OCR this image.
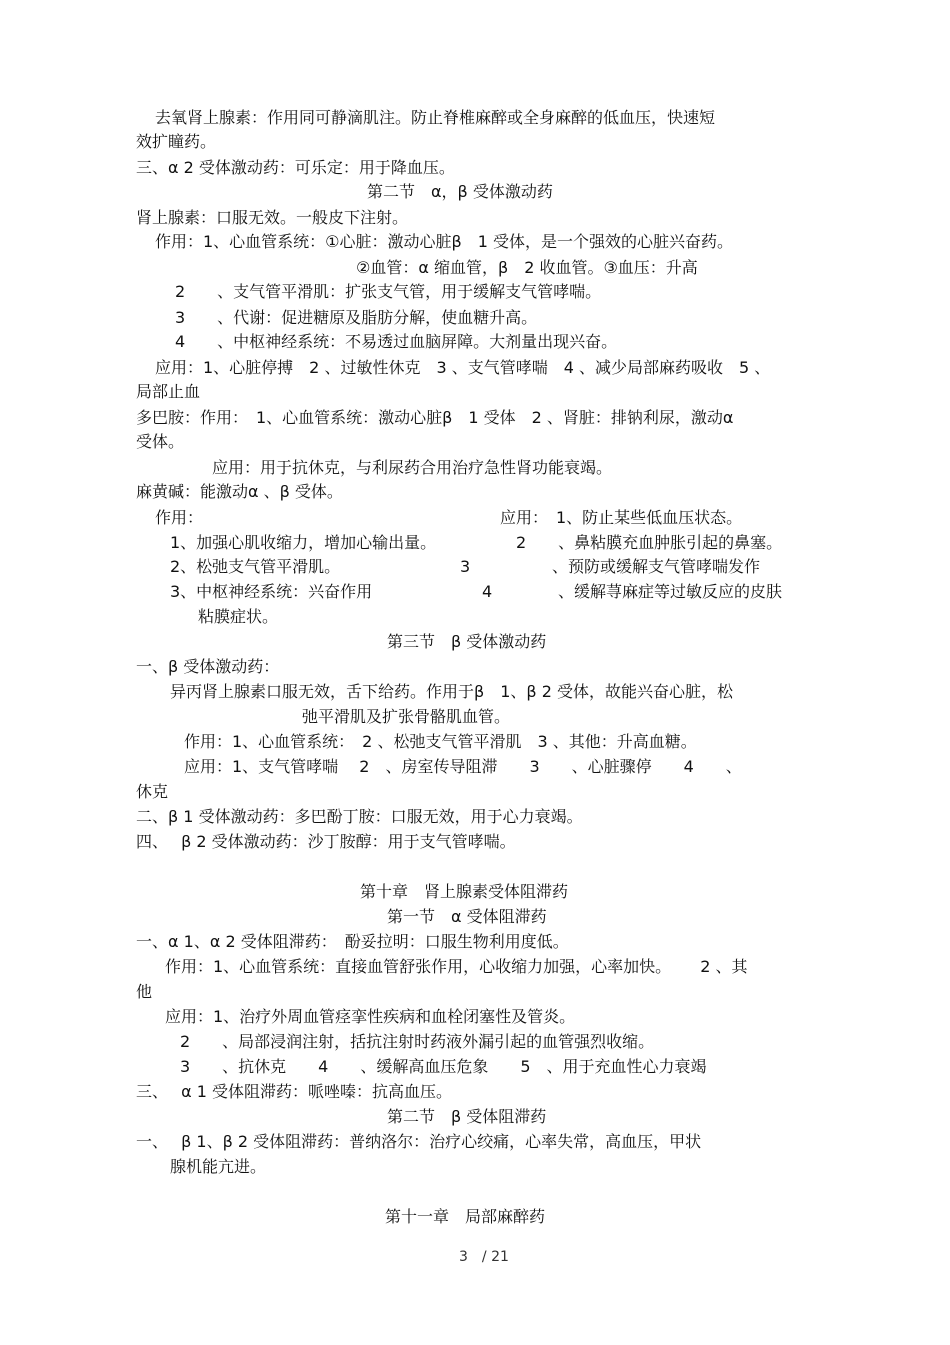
去氧肾上腺素：作用同可静滴肌注。防止脊椎麻醉或全身麻醉的低血压，快速短
效扩瞳药。
三、α 2 受体激动药：可乐定：用于降血压。
第二节　α，β 受体激动药
肾上腺素：口服无效。一般皮下注射。
作用：1、心血管系统：①心脏：激动心脏β　1 受体，是一个强效的心脏兴奋药。
②血管：α 缩血管，β　2 收血管。③血压：升高
2　　、支气管平滑肌：扩张支气管，用于缓解支气管哮喘。
3　　、代谢：促进糖原及脂肪分解，使血糖升高。
4　　、中枢神经系统：不易透过血脑屏障。大剂量出现兴奋。
应用：1、心脏停搏　2 、过敏性休克　3 、支气管哮喘　4 、减少局部麻药吸收　5 、
局部止血
多巴胺：作用：　1、心血管系统：激动心脏β　1 受体　2 、肾脏：排钠利尿，激动α
受体。
应用：用于抗休克，与利尿药合用治疗急性肾功能衰竭。
麻黄碱：能激动α 、β 受体。
作用：	应用：　1、防止某些低血压状态。
1、加强心肌收缩力，增加心输出量。	2　　、鼻粘膜充血肿胀引起的鼻塞。
2、松弛支气管平滑肌。	3	、预防或缓解支气管哮喘发作
3、中枢神经系统：兴奋作用	4	、缓解荨麻症等过敏反应的皮肤
粘膜症状。
第三节　β 受体激动药
一、β 受体激动药：
异丙肾上腺素口服无效，舌下给药。作用于β　1、β 2 受体，故能兴奋心脏，松
弛平滑肌及扩张骨骼肌血管。
作用：1、心血管系统：　2 、松弛支气管平滑肌　3 、其他：升高血糖。
应用：1、支气管哮喘　 2　、房室传导阻滞　　3　　、心脏骤停　　4　　、
休克
二、β 1 受体激动药：多巴酚丁胺：口服无效，用于心力衰竭。
四、　 β 2 受体激动药：沙丁胺醇：用于支气管哮喘。
第十章　肾上腺素受体阻滞药
第一节　α 受体阻滞药
一、α 1、α 2 受体阻滞药：　酚妥拉明：口服生物利用度低。
作用：1、心血管系统：直接血管舒张作用，心收缩力加强，心率加快。　　 2 、其
他
应用：1、治疗外周血管痉挛性疾病和血栓闭塞性及管炎。
2　　、局部浸润注射，括抗注射时药液外漏引起的血管强烈收缩。
3　　、抗休克　　4　　、缓解高血压危象　　5　、用于充血性心力衰竭
三、　 α 1 受体阻滞药：哌唑嗪：抗高血压。
第二节　β 受体阻滞药
一、　 β 1、β 2 受体阻滞药：普纳洛尔：治疗心绞痛，心率失常，高血压，甲状
腺机能亢进。
第十一章　局部麻醉药
3　/ 21
